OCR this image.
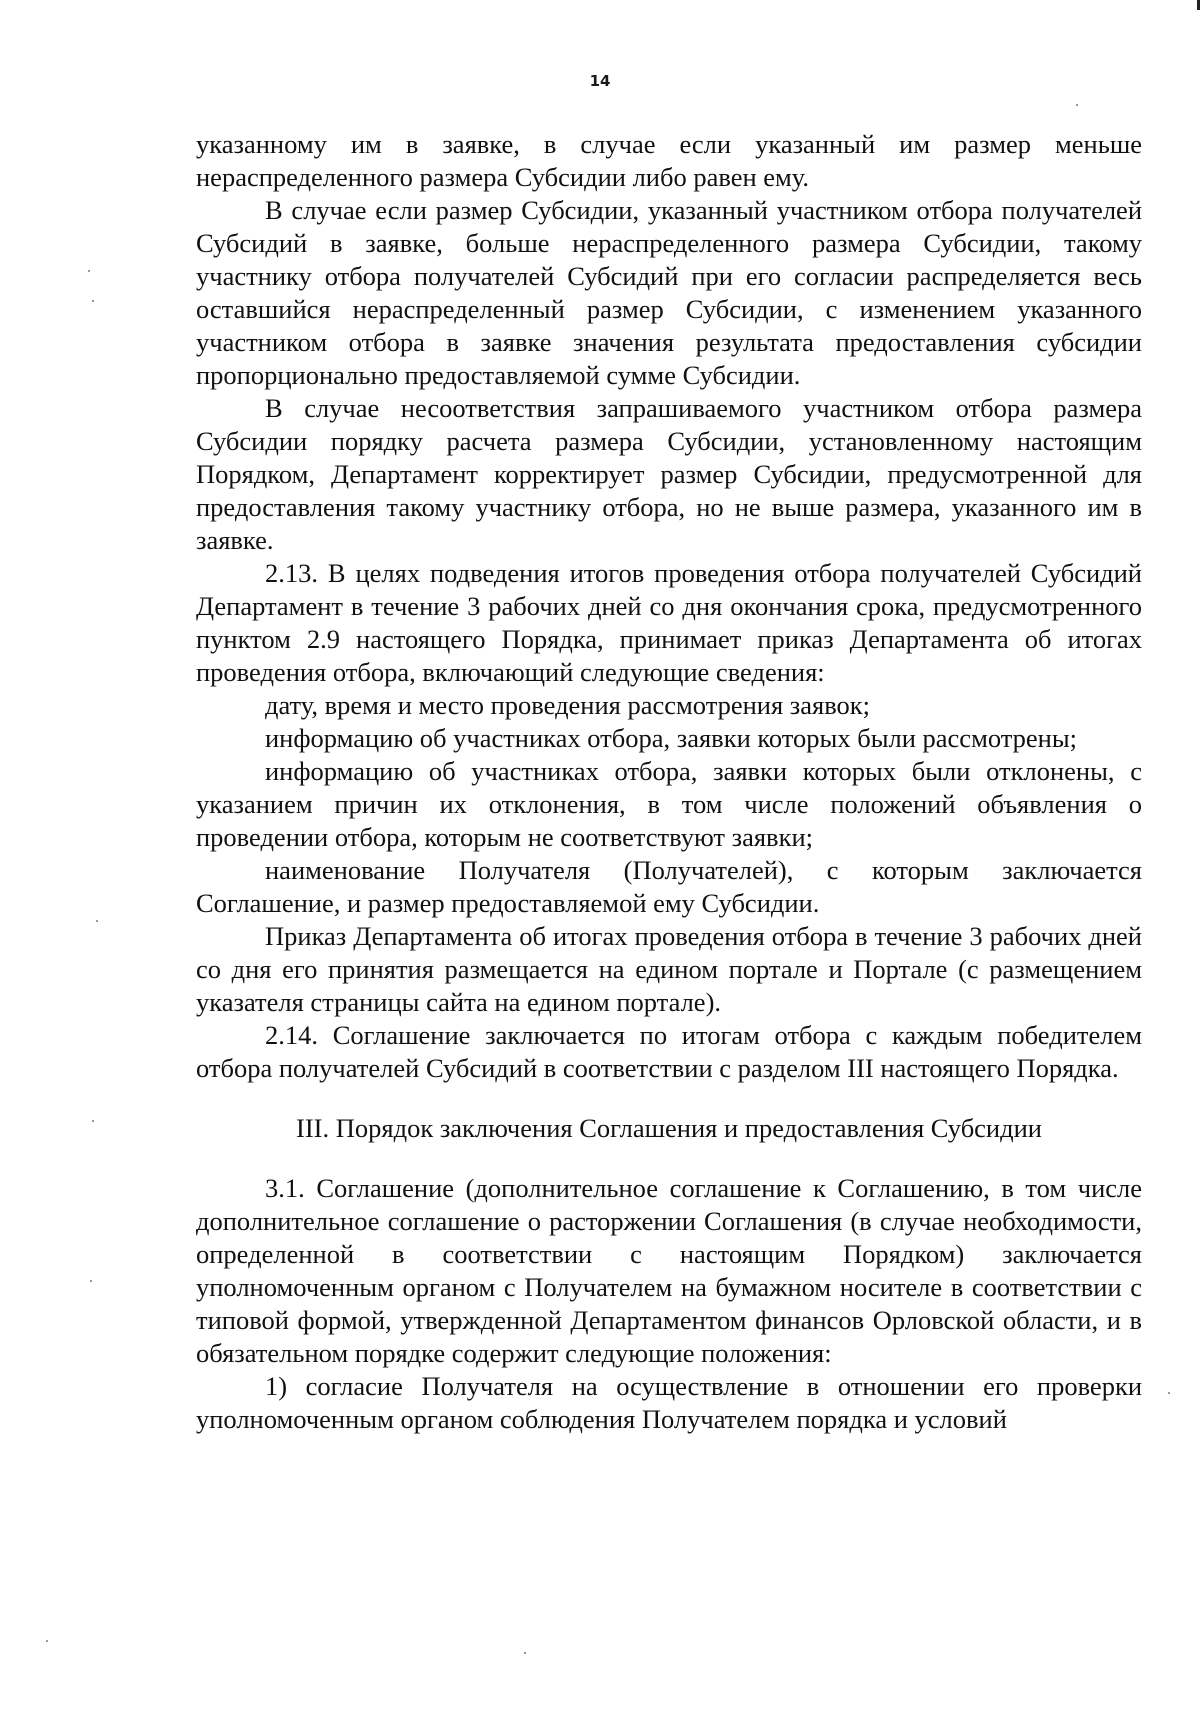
14

указанному им в заявке, в случае если указанный им размер меньше нераспределенного размера Субсидии либо равен ему.

В случае если размер Субсидии, указанный участником отбора получателей Субсидий в заявке, больше нераспределенного размера Субсидии, такому участнику отбора получателей Субсидий при его согласии распределяется весь оставшийся нераспределенный размер Субсидии, с изменением указанного участником отбора в заявке значения результата предоставления субсидии пропорционально предоставляемой сумме Субсидии.

В случае несоответствия запрашиваемого участником отбора размера Субсидии порядку расчета размера Субсидии, установленному настоящим Порядком, Департамент корректирует размер Субсидии, предусмотренной для предоставления такому участнику отбора, но не выше размера, указанного им в заявке.

2.13. В целях подведения итогов проведения отбора получателей Субсидий Департамент в течение 3 рабочих дней со дня окончания срока, предусмотренного пунктом 2.9 настоящего Порядка, принимает приказ Департамента об итогах проведения отбора, включающий следующие сведения:

дату, время и место проведения рассмотрения заявок;

информацию об участниках отбора, заявки которых были рассмотрены;

информацию об участниках отбора, заявки которых были отклонены, с указанием причин их отклонения, в том числе положений объявления о проведении отбора, которым не соответствуют заявки;

наименование Получателя (Получателей), с которым заключается Соглашение, и размер предоставляемой ему Субсидии.

Приказ Департамента об итогах проведения отбора в течение 3 рабочих дней со дня его принятия размещается на едином портале и Портале (с размещением указателя страницы сайта на едином портале).

2.14. Соглашение заключается по итогам отбора с каждым победителем отбора получателей Субсидий в соответствии с разделом III настоящего Порядка.

III. Порядок заключения Соглашения и предоставления Субсидии

3.1. Соглашение (дополнительное соглашение к Соглашению, в том числе дополнительное соглашение о расторжении Соглашения (в случае необходимости, определенной в соответствии с настоящим Порядком) заключается уполномоченным органом с Получателем на бумажном носителе в соответствии с типовой формой, утвержденной Департаментом финансов Орловской области, и в обязательном порядке содержит следующие положения:

1) согласие Получателя на осуществление в отношении его проверки уполномоченным органом соблюдения Получателем порядка и условий
